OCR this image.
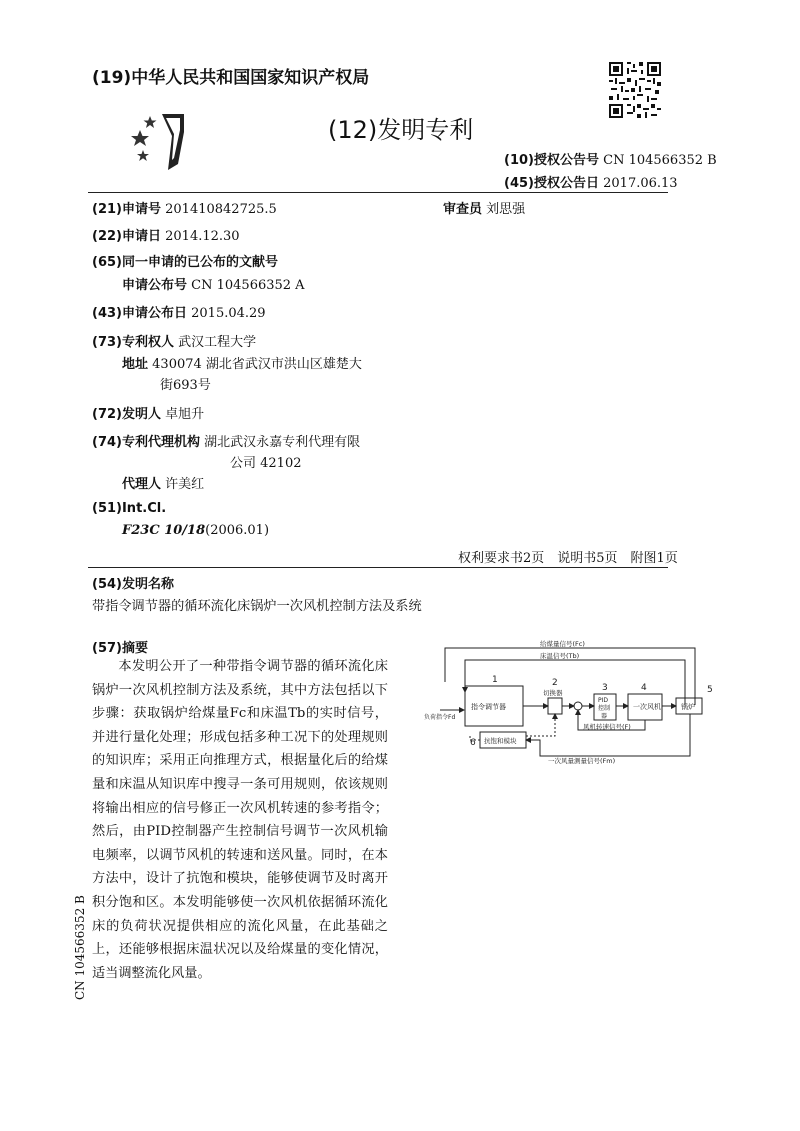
(19)中华人民共和国国家知识产权局
(12)发明专利
(10)授权公告号 CN 104566352 B
(45)授权公告日 2017.06.13
(21)申请号 201410842725.5	审查员 刘思强
(22)申请日 2014.12.30
(65)同一申请的已公布的文献号
申请公布号 CN 104566352 A
(43)申请公布日 2015.04.29
(73)专利权人 武汉工程大学
地址 430074 湖北省武汉市洪山区雄楚大
街693号
(72)发明人 卓旭升
(74)专利代理机构 湖北武汉永嘉专利代理有限
公司 42102
代理人 许美红
(51)Int.Cl.
F23C 10/18(2006.01)
权利要求书2页　说明书5页　附图1页
(54)发明名称
带指令调节器的循环流化床锅炉一次风机控制方法及系统
(57)摘要
本发明公开了一种带指令调节器的循环流化床锅炉一次风机控制方法及系统，其中方法包括以下步骤：获取锅炉给煤量Fc和床温Tb的实时信号，并进行量化处理；形成包括多种工况下的处理规则的知识库；采用正向推理方式，根据量化后的给煤量和床温从知识库中搜寻一条可用规则，依该规则将输出相应的信号修正一次风机转速的参考指令；然后，由PID控制器产生控制信号调节一次风机输电频率，以调节风机的转速和送风量。同时，在本方法中，设计了抗饱和模块，能够使调节及时离开积分饱和区。本发明能够使一次风机依据循环流化床的负荷状况提供相应的流化风量，在此基础之上，还能够根据床温状况以及给煤量的变化情况，适当调整流化风量。
CN 104566352 B
给煤量信号(Fc)
床温信号(Tb)
负荷指令Fd
1
指令调节器
2
切换器	3
PID
控制
器
4
一次风机
5
锅炉
6 抗饱和模块
风机转速信号(F)
一次风量测量信号(Fm)
